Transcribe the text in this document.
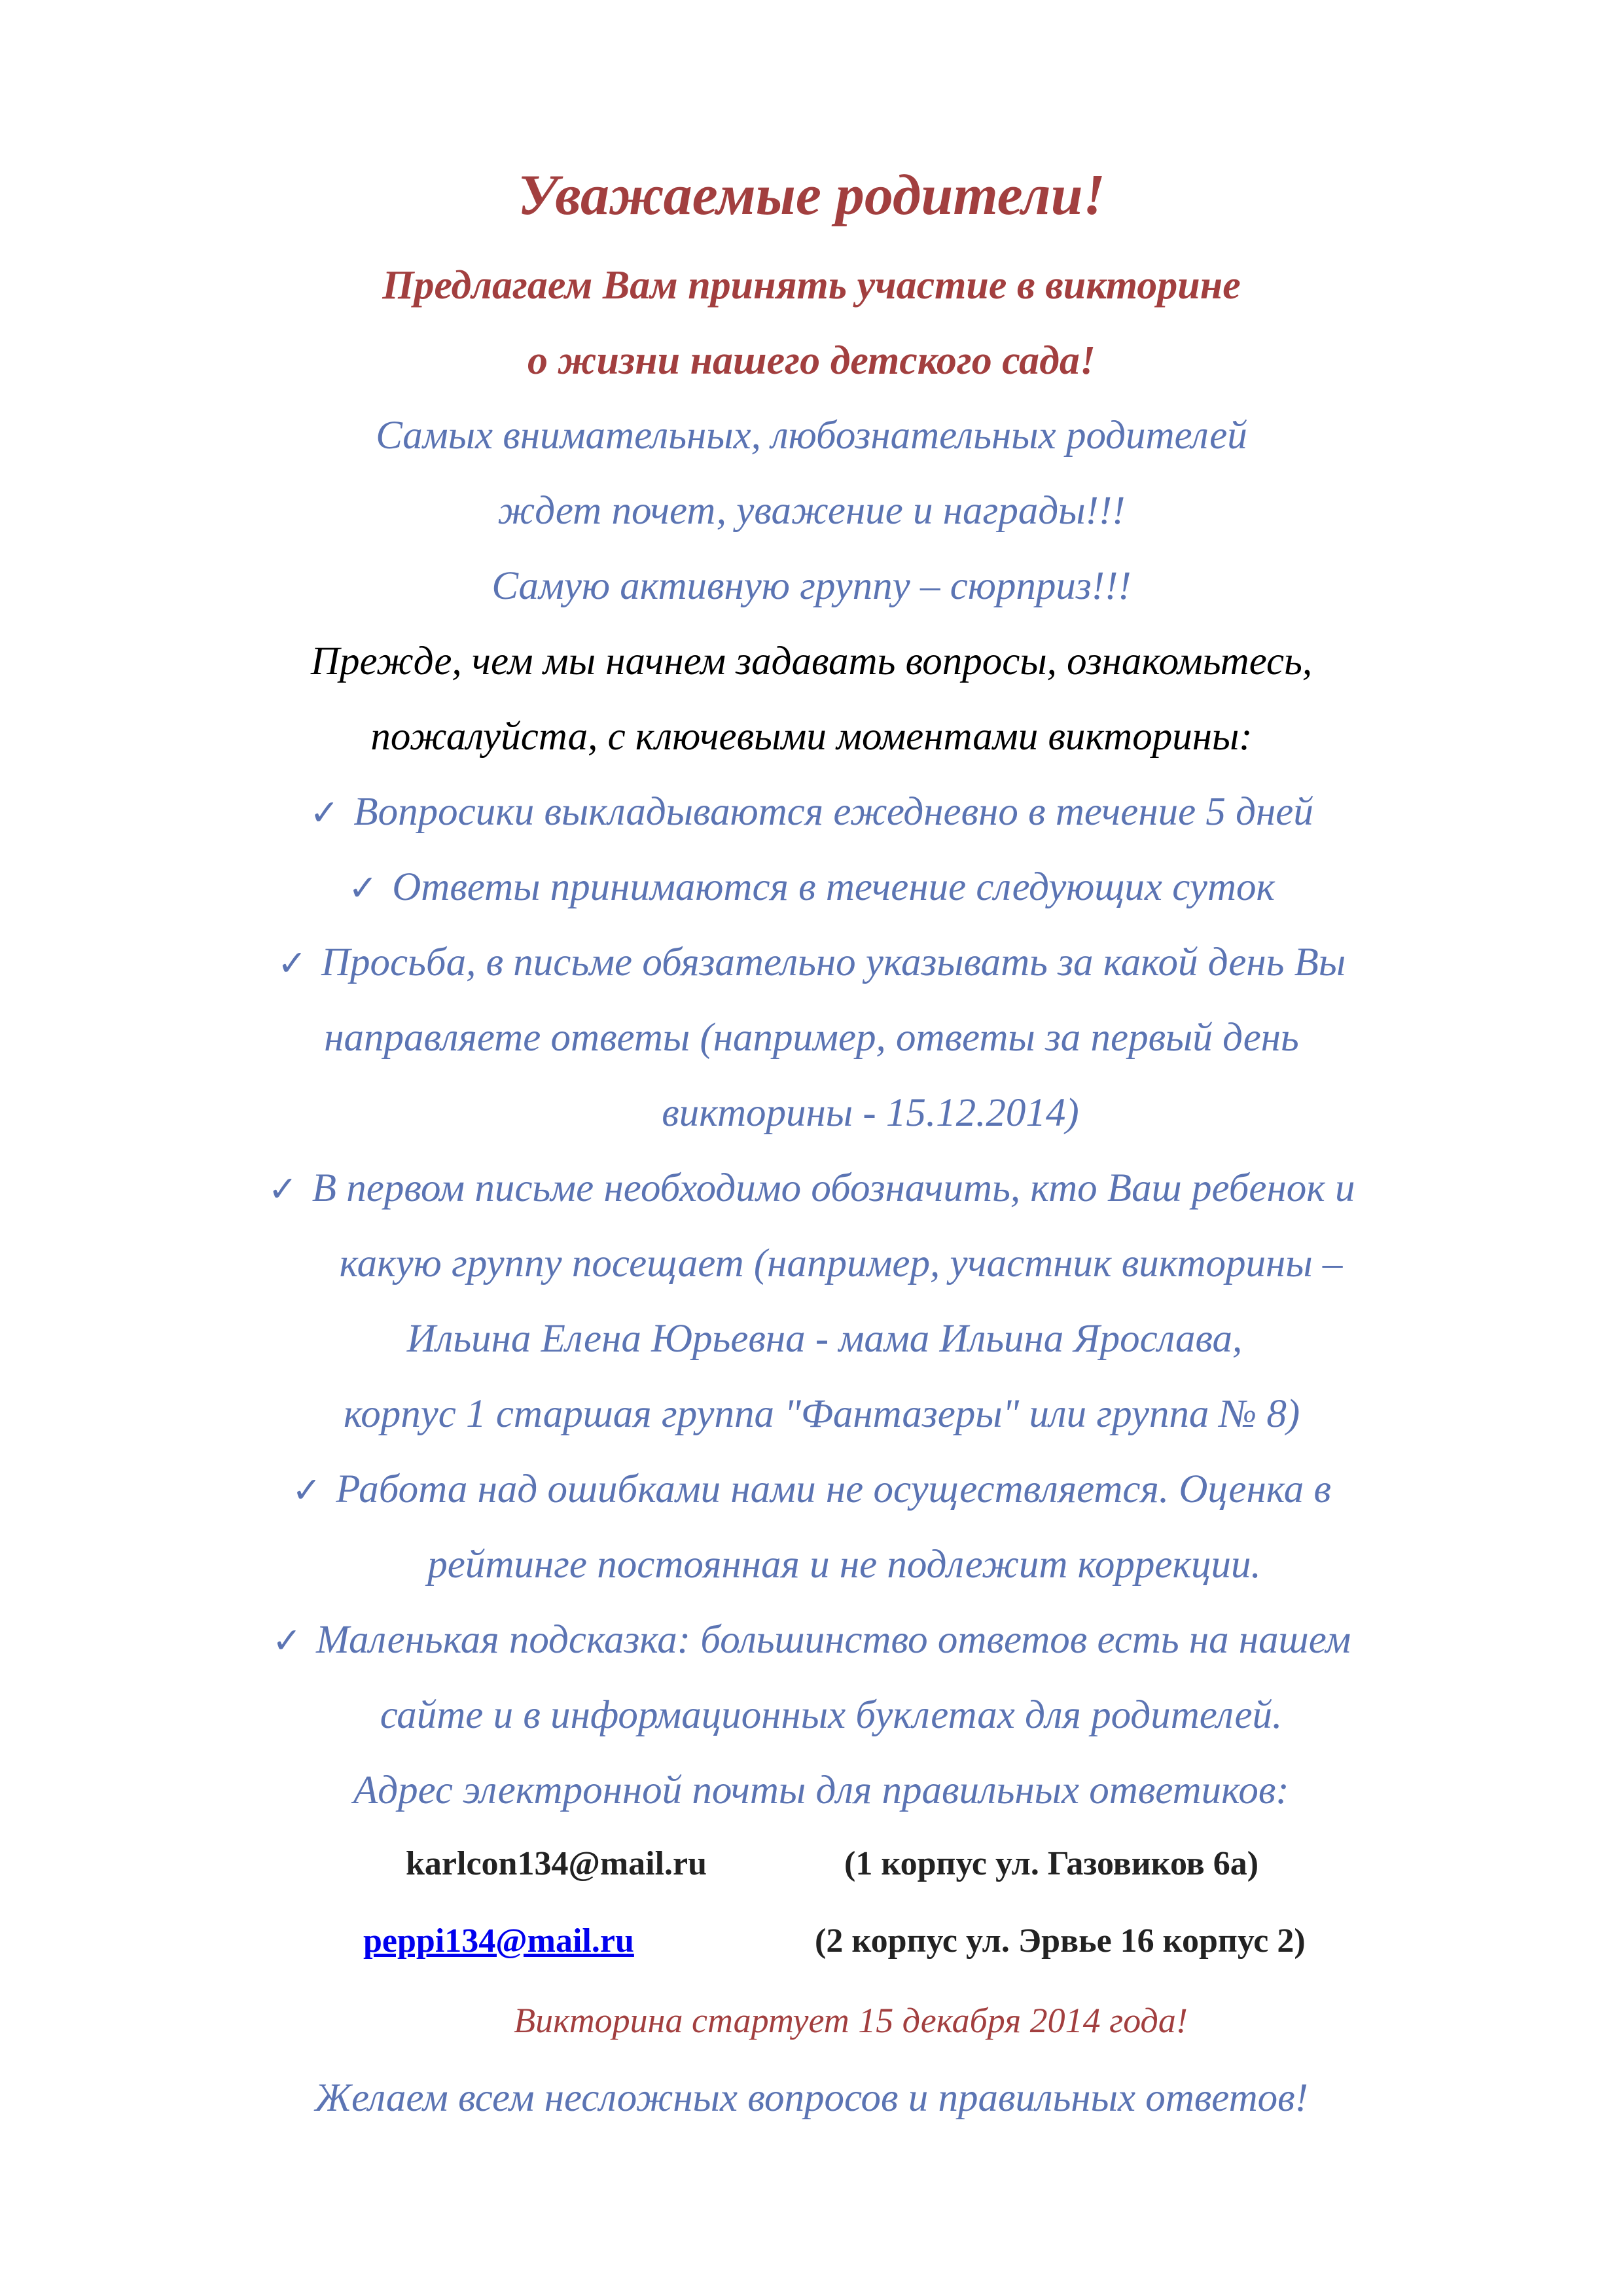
Уважаемые родители!
Предлагаем Вам принять участие в викторине
о жизни нашего детского сада!
Самых внимательных, любознательных родителей
ждет почет, уважение и награды!!!
Самую активную группу – сюрприз!!!
Прежде, чем мы начнем задавать вопросы, ознакомьтесь,
пожалуйста, с ключевыми моментами викторины:
✓ Вопросики выкладываются ежедневно в течение 5 дней
✓ Ответы принимаются в течение следующих суток
✓ Просьба, в письме обязательно указывать за какой день Вы
направляете ответы (например, ответы за первый день
викторины - 15.12.2014)
✓ В первом письме необходимо обозначить, кто Ваш ребенок и
какую группу посещает (например, участник викторины –
Ильина Елена Юрьевна - мама Ильина Ярослава,
корпус 1 старшая группа "Фантазеры" или группа № 8)
✓ Работа над ошибками нами не осуществляется. Оценка в
рейтинге постоянная и не подлежит коррекции.
✓ Маленькая подсказка: большинство ответов есть на нашем
сайте и в информационных буклетах для родителей.
Адрес электронной почты для правильных ответиков:
karlcon134@mail.ru	(1 корпус ул. Газовиков 6а)
peppi134@mail.ru	(2 корпус ул. Эрвье 16 корпус 2)
Викторина стартует 15 декабря 2014 года!
Желаем всем несложных вопросов и правильных ответов!
